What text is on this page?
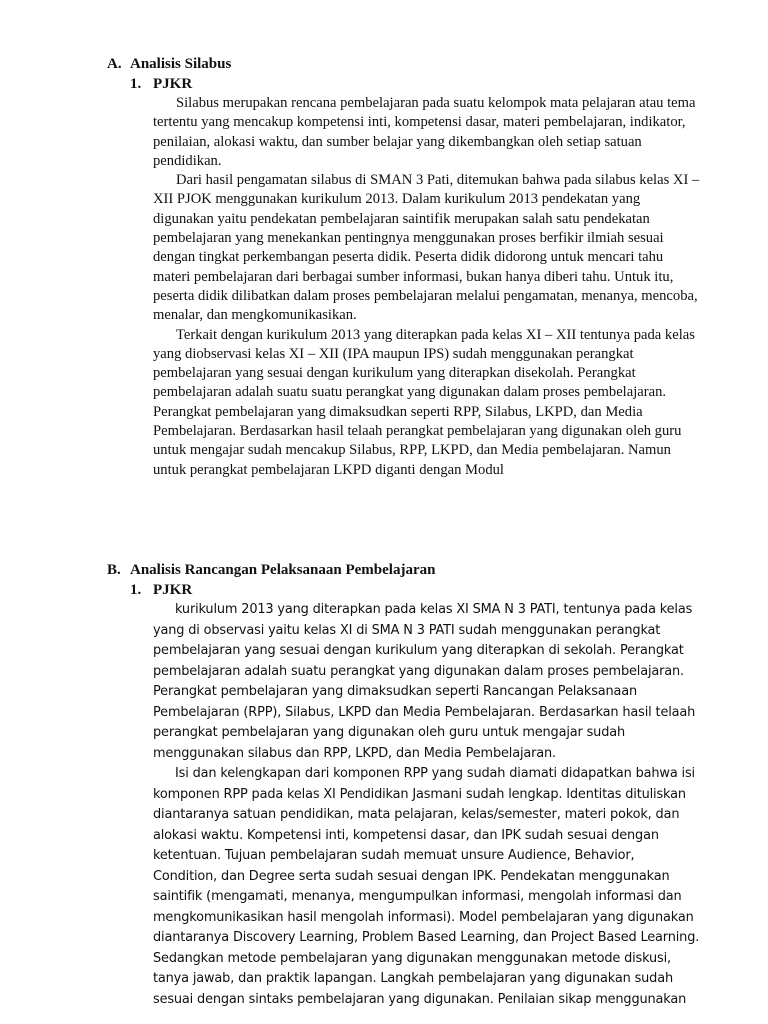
A. Analisis Silabus
1. PJKR

Silabus merupakan rencana pembelajaran pada suatu kelompok mata pelajaran atau tema tertentu yang mencakup kompetensi inti, kompetensi dasar, materi pembelajaran, indikator, penilaian, alokasi waktu, dan sumber belajar yang dikembangkan oleh setiap satuan pendidikan.

Dari hasil pengamatan silabus di SMAN 3 Pati, ditemukan bahwa pada silabus kelas XI – XII PJOK menggunakan kurikulum 2013. Dalam kurikulum 2013 pendekatan yang digunakan yaitu pendekatan pembelajaran saintifik merupakan salah satu pendekatan pembelajaran yang menekankan pentingnya menggunakan proses berfikir ilmiah sesuai dengan tingkat perkembangan peserta didik. Peserta didik didorong untuk mencari tahu materi pembelajaran dari berbagai sumber informasi, bukan hanya diberi tahu. Untuk itu, peserta didik dilibatkan dalam proses pembelajaran melalui pengamatan, menanya, mencoba, menalar, dan mengkomunikasikan.

Terkait dengan kurikulum 2013 yang diterapkan pada kelas XI – XII tentunya pada kelas yang diobservasi kelas XI – XII (IPA maupun IPS) sudah menggunakan perangkat pembelajaran yang sesuai dengan kurikulum yang diterapkan disekolah. Perangkat pembelajaran adalah suatu suatu perangkat yang digunakan dalam proses pembelajaran. Perangkat pembelajaran yang dimaksudkan seperti RPP, Silabus, LKPD, dan Media Pembelajaran. Berdasarkan hasil telaah perangkat pembelajaran yang digunakan oleh guru untuk mengajar sudah mencakup Silabus, RPP, LKPD, dan Media pembelajaran. Namun untuk perangkat pembelajaran LKPD diganti dengan Modul

B. Analisis Rancangan Pelaksanaan Pembelajaran
1. PJKR

kurikulum 2013 yang diterapkan pada kelas XI SMA N 3 PATI, tentunya pada kelas yang di observasi yaitu kelas XI di SMA N 3 PATI sudah menggunakan perangkat pembelajaran yang sesuai dengan kurikulum yang diterapkan di sekolah. Perangkat pembelajaran adalah suatu perangkat yang digunakan dalam proses pembelajaran. Perangkat pembelajaran yang dimaksudkan seperti Rancangan Pelaksanaan Pembelajaran (RPP), Silabus, LKPD dan Media Pembelajaran. Berdasarkan hasil telaah perangkat pembelajaran yang digunakan oleh guru untuk mengajar sudah menggunakan silabus dan RPP, LKPD, dan Media Pembelajaran.

Isi dan kelengkapan dari komponen RPP yang sudah diamati didapatkan bahwa isi komponen RPP pada kelas XI Pendidikan Jasmani sudah lengkap. Identitas dituliskan diantaranya satuan pendidikan, mata pelajaran, kelas/semester, materi pokok, dan alokasi waktu. Kompetensi inti, kompetensi dasar, dan IPK sudah sesuai dengan ketentuan. Tujuan pembelajaran sudah memuat unsure Audience, Behavior, Condition, dan Degree serta sudah sesuai dengan IPK. Pendekatan menggunakan saintifik (mengamati, menanya, mengumpulkan informasi, mengolah informasi dan mengkomunikasikan hasil mengolah informasi). Model pembelajaran yang digunakan diantaranya Discovery Learning, Problem Based Learning, dan Project Based Learning. Sedangkan metode pembelajaran yang digunakan menggunakan metode diskusi, tanya jawab, dan praktik lapangan. Langkah pembelajaran yang digunakan sudah sesuai dengan sintaks pembelajaran yang digunakan. Penilaian sikap menggunakan
